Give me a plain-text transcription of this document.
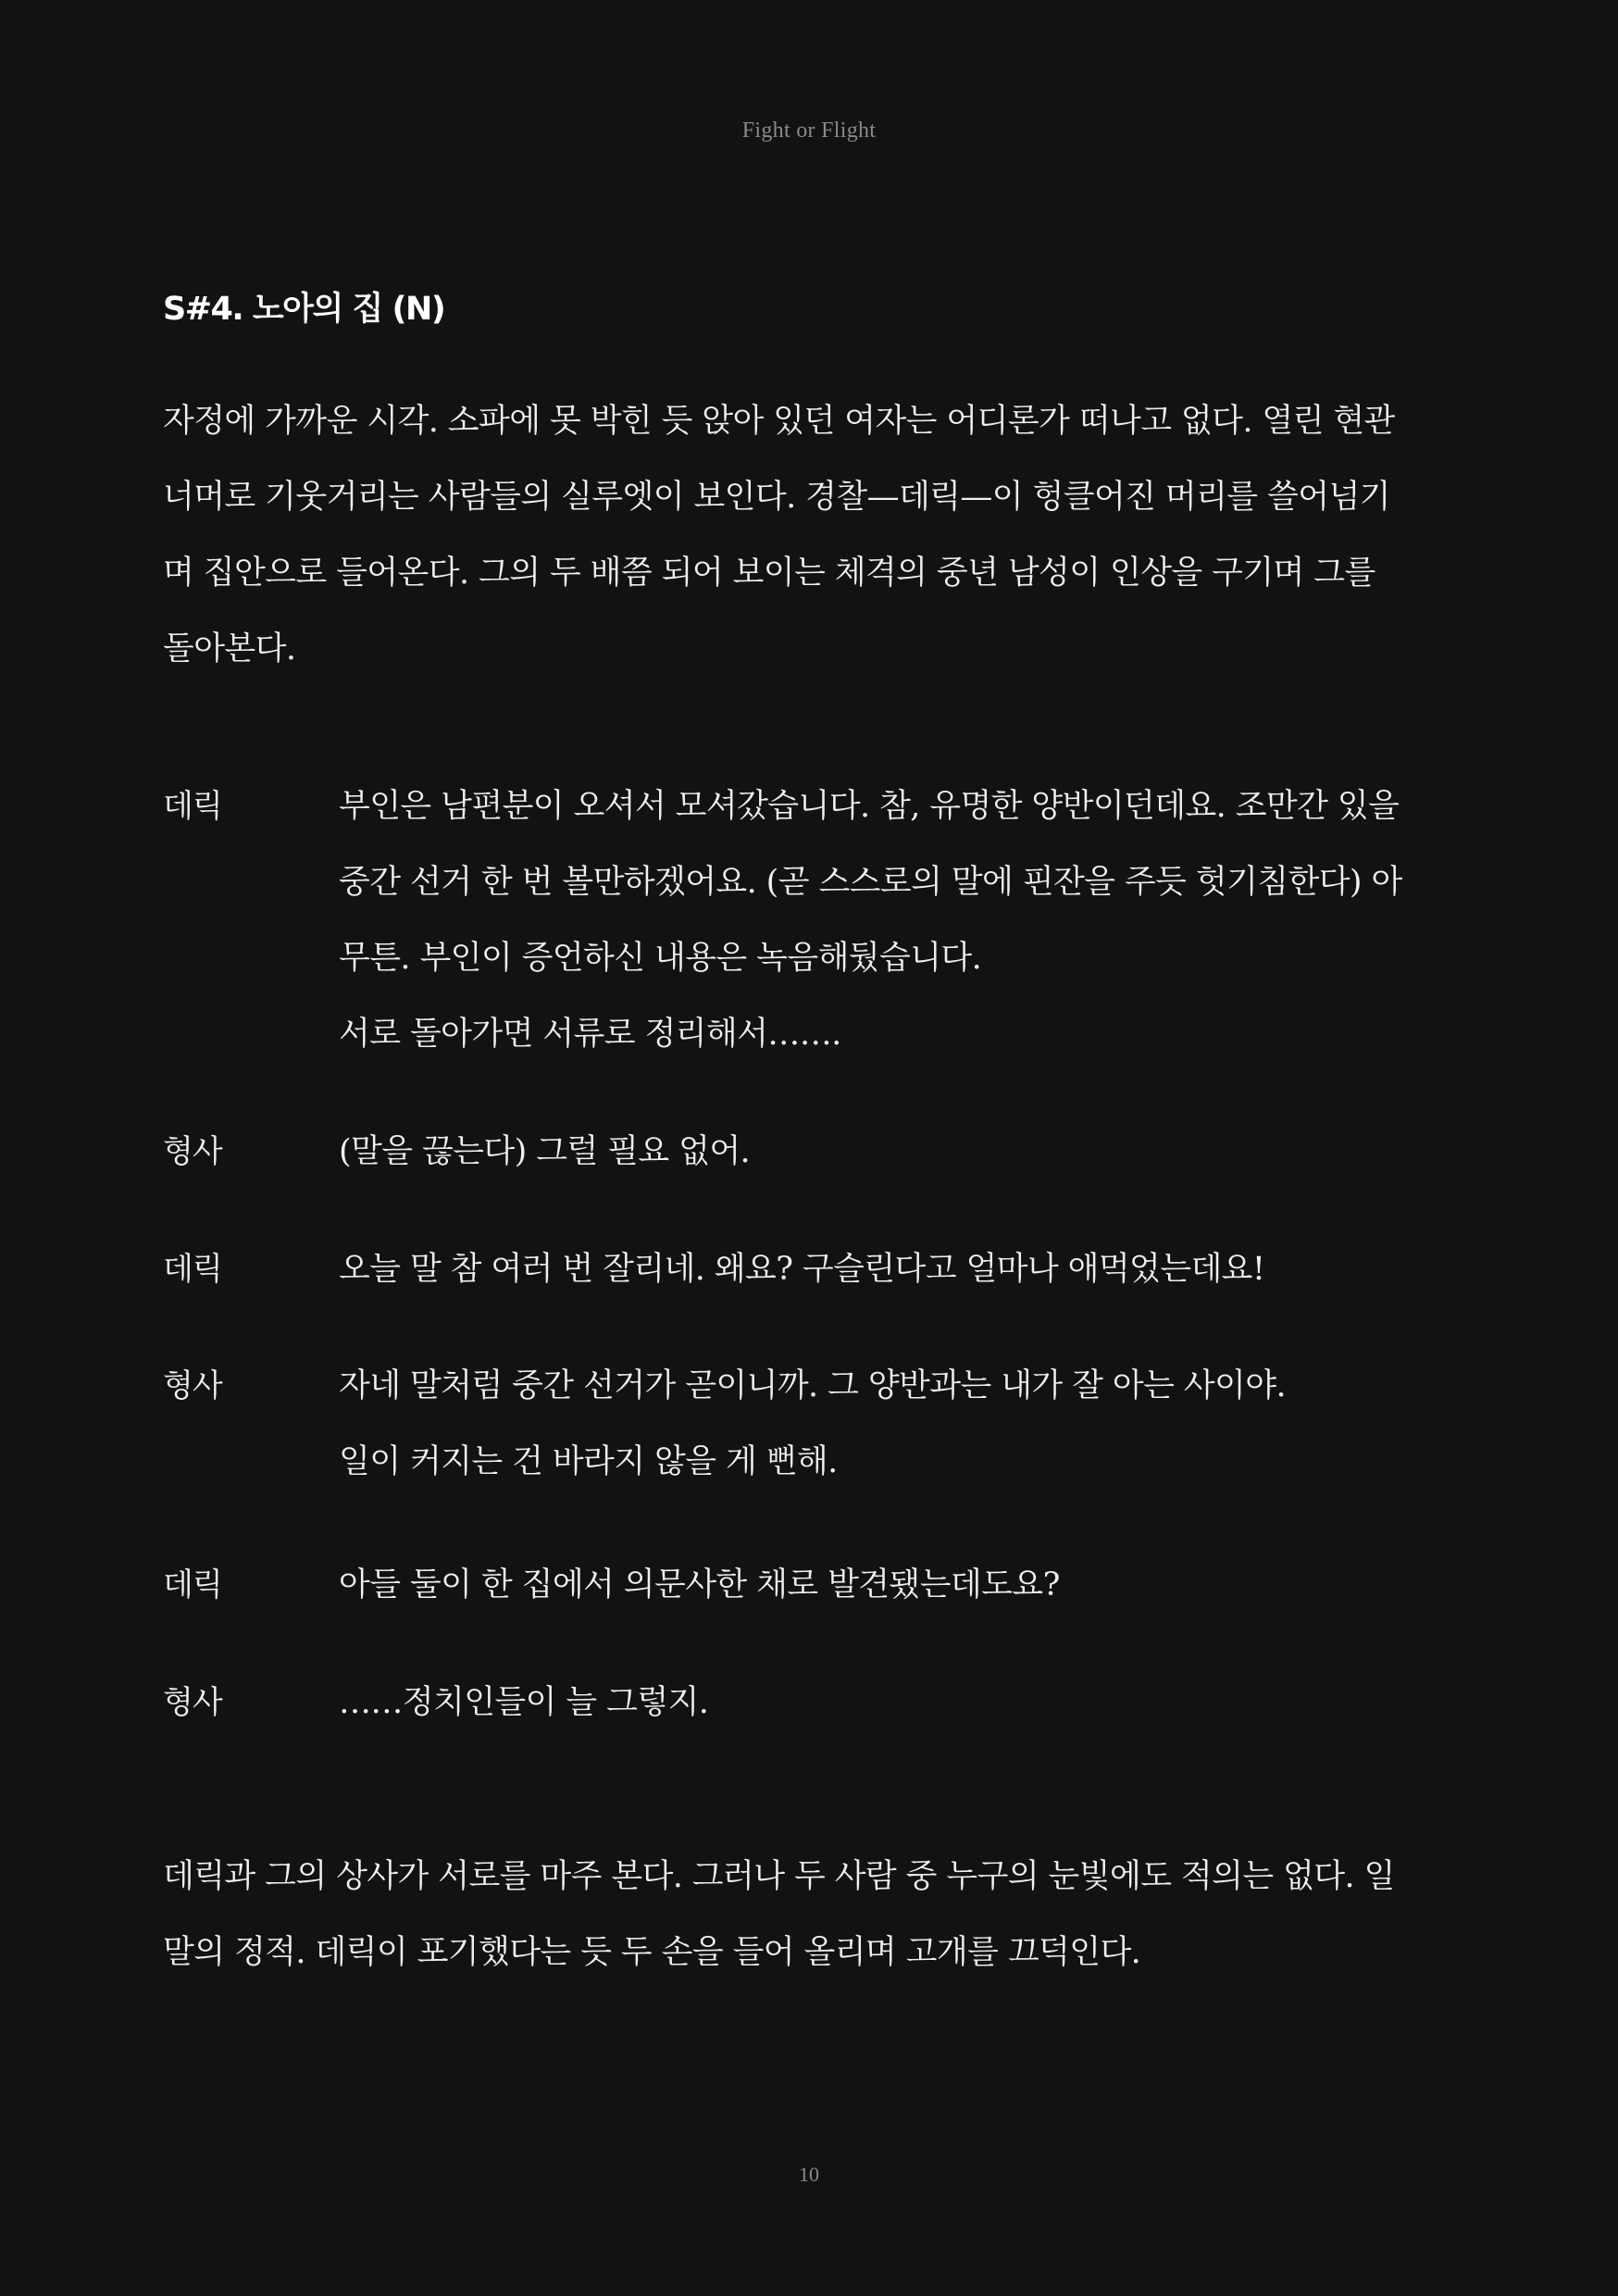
Fight or Flight
S#4. 노아의 집 (N)
자정에 가까운 시각. 소파에 못 박힌 듯 앉아 있던 여자는 어디론가 떠나고 없다. 열린 현관
너머로 기웃거리는 사람들의 실루엣이 보인다. 경찰—데릭—이 헝클어진 머리를 쓸어넘기
며 집안으로 들어온다. 그의 두 배쯤 되어 보이는 체격의 중년 남성이 인상을 구기며 그를
돌아본다.
데릭	부인은 남편분이 오셔서 모셔갔습니다. 참, 유명한 양반이던데요. 조만간 있을
중간 선거 한 번 볼만하겠어요. (곧 스스로의 말에 핀잔을 주듯 헛기침한다) 아
무튼. 부인이 증언하신 내용은 녹음해뒀습니다.
서로 돌아가면 서류로 정리해서…….
형사	(말을 끊는다) 그럴 필요 없어.
데릭	오늘 말 참 여러 번 잘리네. 왜요? 구슬린다고 얼마나 애먹었는데요!
형사	자네 말처럼 중간 선거가 곧이니까. 그 양반과는 내가 잘 아는 사이야.
일이 커지는 건 바라지 않을 게 뻔해.
데릭	아들 둘이 한 집에서 의문사한 채로 발견됐는데도요?
형사	……정치인들이 늘 그렇지.
데릭과 그의 상사가 서로를 마주 본다. 그러나 두 사람 중 누구의 눈빛에도 적의는 없다. 일
말의 정적. 데릭이 포기했다는 듯 두 손을 들어 올리며 고개를 끄덕인다.
10
